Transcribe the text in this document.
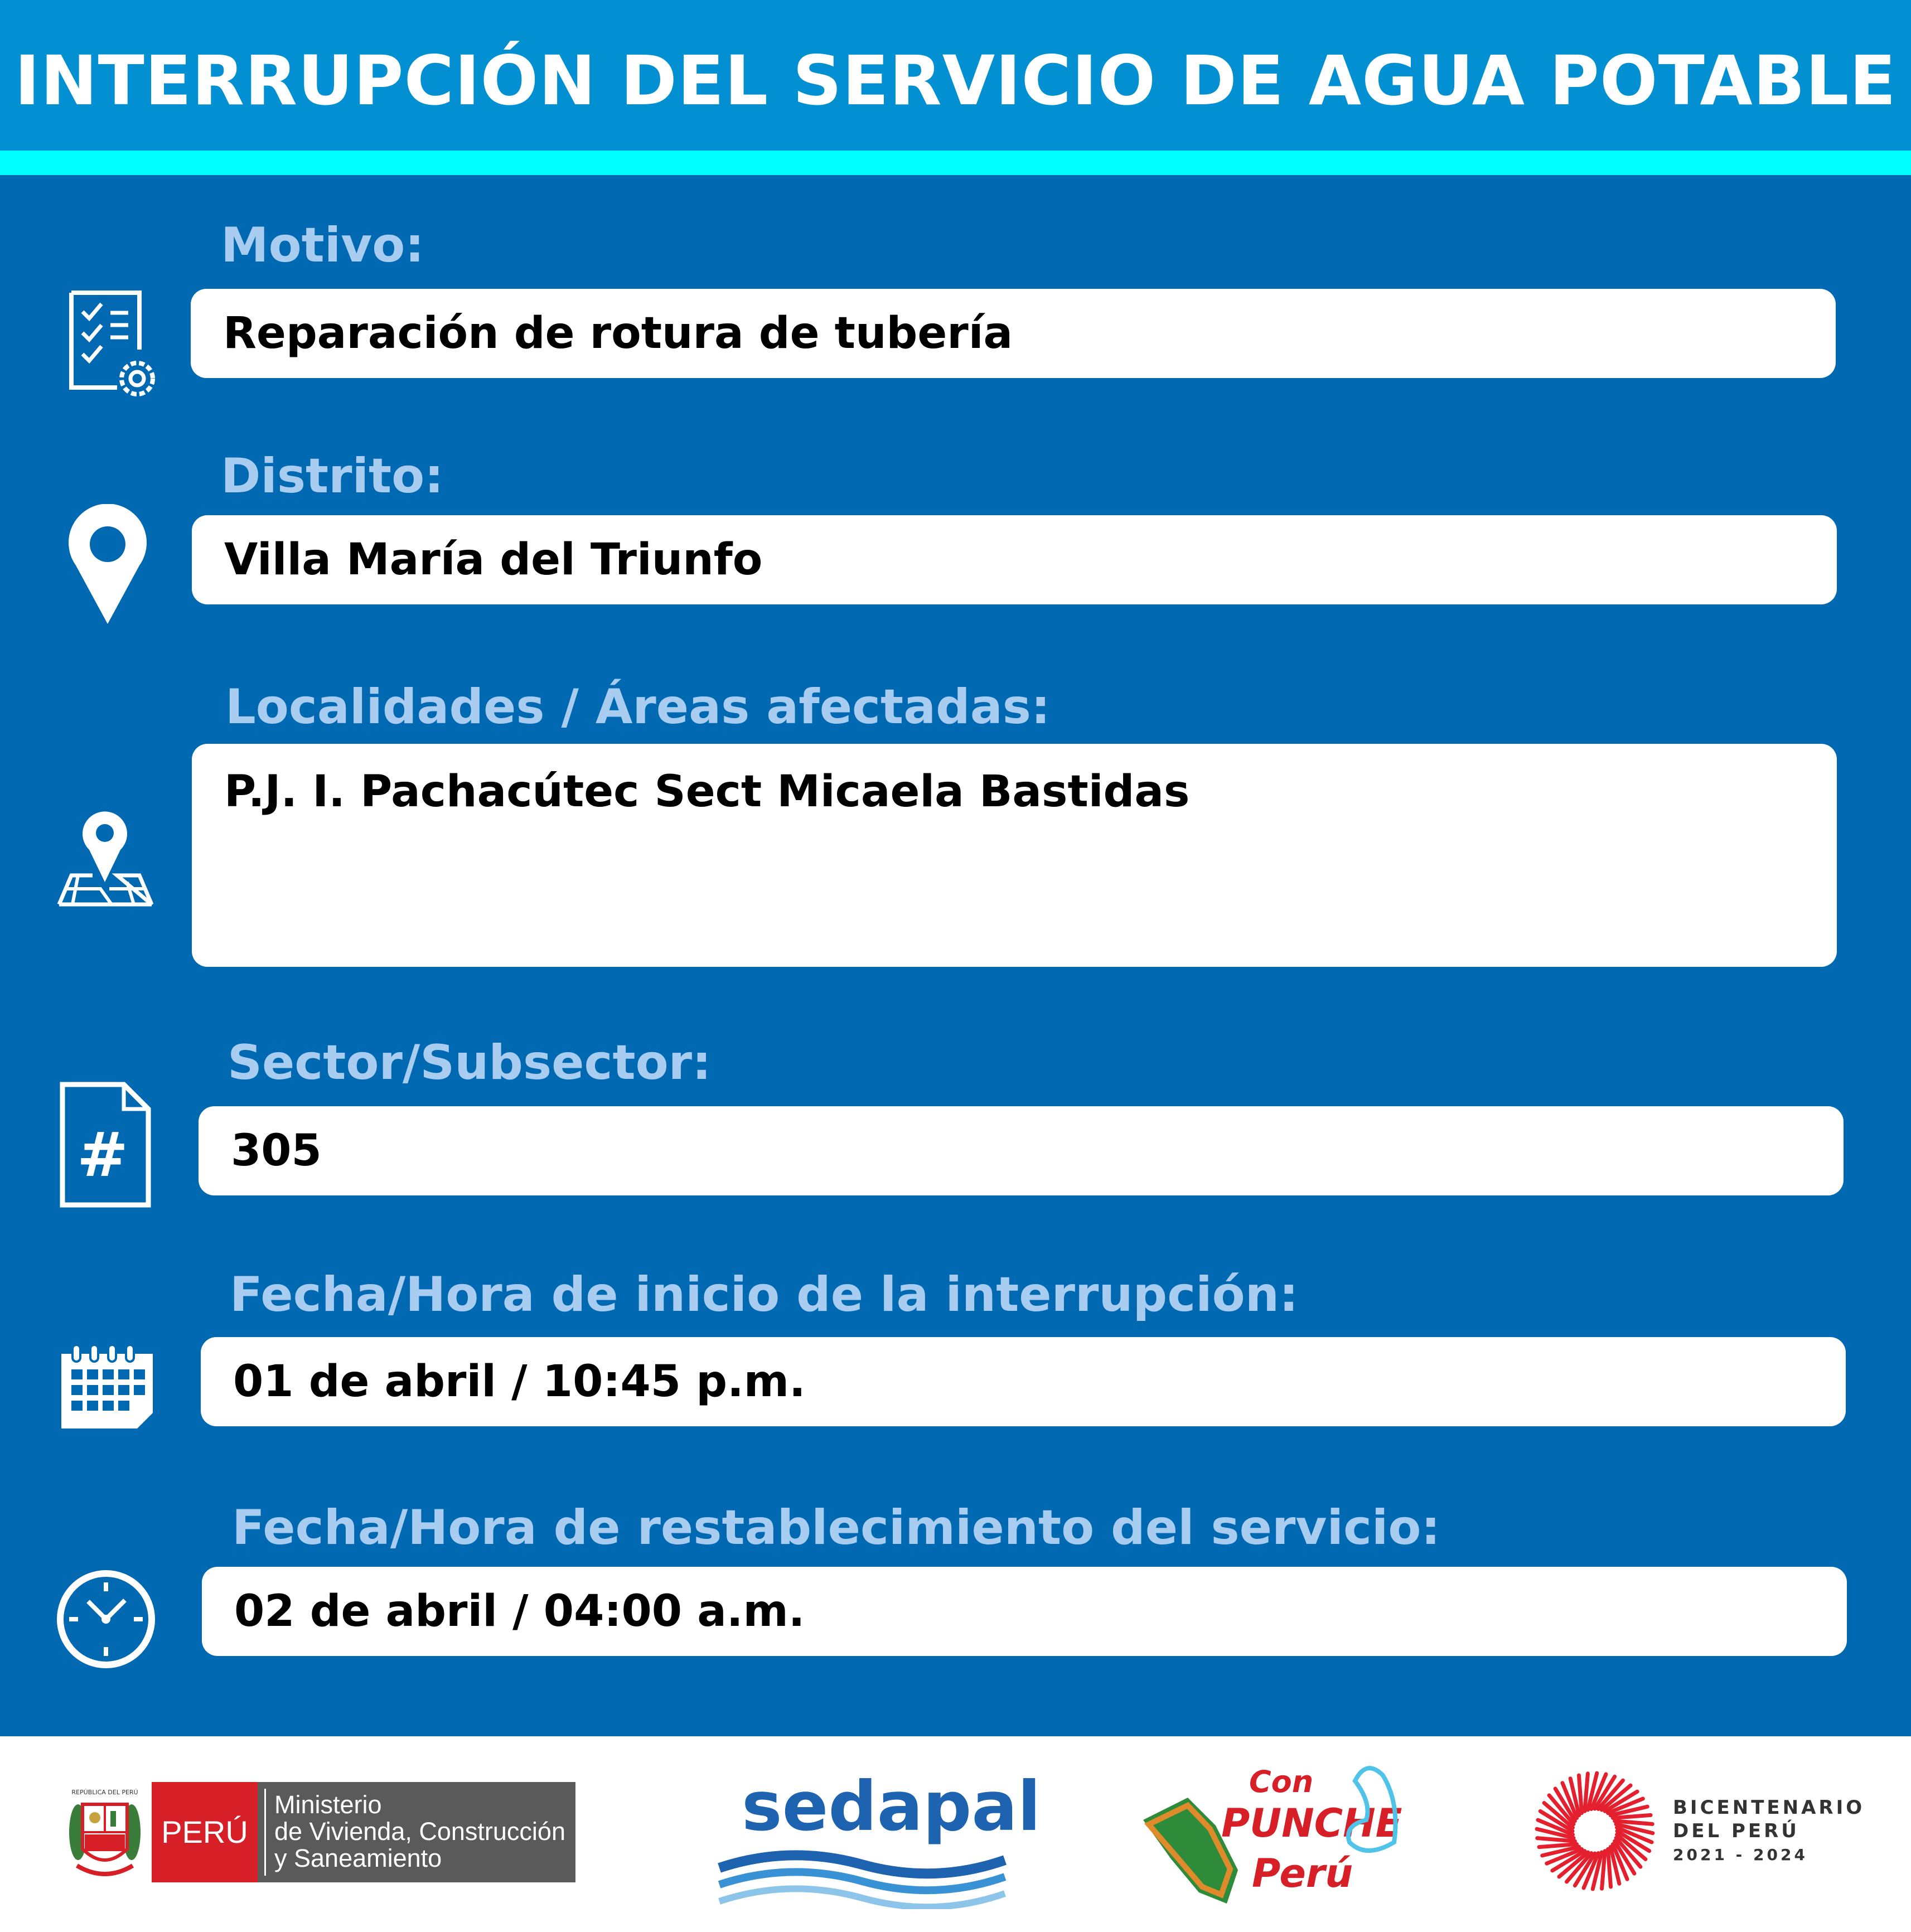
INTERRUPCIÓN DEL SERVICIO DE AGUA POTABLE
Motivo:
Reparación de rotura de tubería
Distrito:
Villa María del Triunfo
Localidades / Áreas afectadas:
P.J. I. Pachacútec Sect Micaela Bastidas
Sector/Subsector:
# 305
Fecha/Hora de inicio de la interrupción:
01 de abril / 10:45 p.m.
Fecha/Hora de restablecimiento del servicio:
02 de abril / 04:00 a.m.
REPÚBLICA DEL PERÚ
PERÚ
Ministerio
de Vivienda, Construcción
y Saneamiento
sedapal	Con
PUNCHE
Perú
BICENTENARIO
DEL PERÚ
2021 - 2024
